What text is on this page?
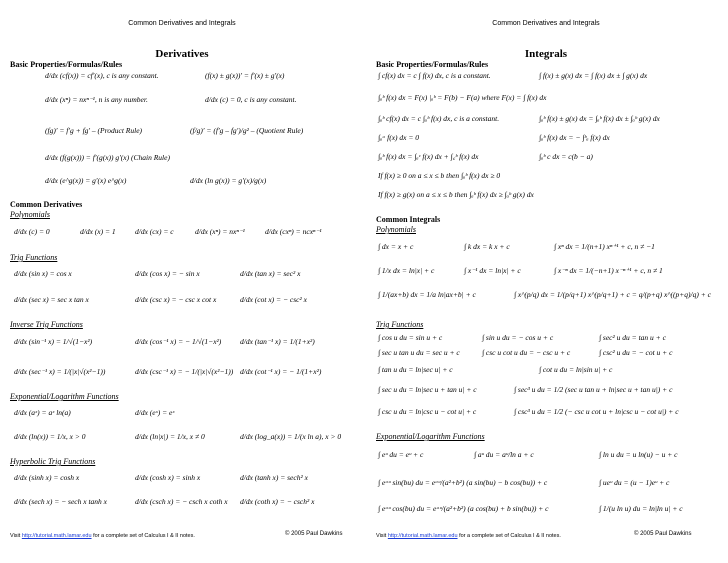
Common Derivatives and Integrals
Derivatives
Basic Properties/Formulas/Rules
d/dx (cf(x)) = cf′(x), c is any constant.	(f(x) ± g(x))′ = f′(x) ± g′(x)
d/dx (xⁿ) = nxⁿ⁻¹, n is any number.	d/dx (c) = 0, c is any constant.
(fg)′ = f′g + fg′ – (Product Rule)	(f/g)′ = (f′g – fg′)/g² – (Quotient Rule)
d/dx (f(g(x))) = f′(g(x)) g′(x) (Chain Rule)
d/dx (e^g(x)) = g′(x) e^g(x)	d/dx (ln g(x)) = g′(x)/g(x)
Common Derivatives
Polynomials
d/dx (c) = 0	d/dx (x) = 1	d/dx (cx) = c	d/dx (xⁿ) = nxⁿ⁻¹	d/dx (cxⁿ) = ncxⁿ⁻¹
Trig Functions
d/dx (sin x) = cos x	d/dx (cos x) = − sin x	d/dx (tan x) = sec² x
d/dx (sec x) = sec x tan x	d/dx (csc x) = − csc x cot x	d/dx (cot x) = − csc² x
Inverse Trig Functions
d/dx (sin⁻¹ x) = 1/√(1−x²)	d/dx (cos⁻¹ x) = − 1/√(1−x²) d/dx (tan⁻¹ x) = 1/(1+x²)
d/dx (sec⁻¹ x) = 1/(|x|√(x²−1))	d/dx (csc⁻¹ x) = − 1/(|x|√(x²−1)) d/dx (cot⁻¹ x) = − 1/(1+x²)
Exponential/Logarithm Functions
d/dx (aˣ) = aˣ ln(a)	d/dx (eˣ) = eˣ
d/dx (ln(x)) = 1/x, x > 0	d/dx (ln|x|) = 1/x, x ≠ 0	d/dx (log_a(x)) = 1/(x ln a), x > 0
Hyperbolic Trig Functions
d/dx (sinh x) = cosh x	d/dx (cosh x) = sinh x	d/dx (tanh x) = sech² x
d/dx (sech x) = − sech x tanh x	d/dx (csch x) = − csch x coth x d/dx (coth x) = − csch² x
Visit http://tutorial.math.lamar.edu for a complete set of Calculus I & II notes.	© 2005 Paul Dawkins
Common Derivatives and Integrals
Integrals
Basic Properties/Formulas/Rules
∫ cf(x) dx = c ∫ f(x) dx, c is a constant.	∫ f(x) ± g(x) dx = ∫ f(x) dx ± ∫ g(x) dx
∫ₐᵇ f(x) dx = F(x) |ₐᵇ = F(b) − F(a) where F(x) = ∫ f(x) dx
∫ₐᵇ cf(x) dx = c ∫ₐᵇ f(x) dx, c is a constant.	∫ₐᵇ f(x) ± g(x) dx = ∫ₐᵇ f(x) dx ± ∫ₐᵇ g(x) dx
∫ₐᵃ f(x) dx = 0	∫ₐᵇ f(x) dx = − ∫ᵇₐ f(x) dx
∫ₐᵇ f(x) dx = ∫ₐᶜ f(x) dx + ∫꜀ᵇ f(x) dx	∫ₐᵇ c dx = c(b − a)
If f(x) ≥ 0 on a ≤ x ≤ b then ∫ₐᵇ f(x) dx ≥ 0
If f(x) ≥ g(x) on a ≤ x ≤ b then ∫ₐᵇ f(x) dx ≥ ∫ₐᵇ g(x) dx
Common Integrals
Polynomials
∫ dx = x + c	∫ k dx = k x + c	∫ xⁿ dx = 1/(n+1) xⁿ⁺¹ + c, n ≠ −1
∫ 1/x dx = ln|x| + c	∫ x⁻¹ dx = ln|x| + c	∫ x⁻ⁿ dx = 1/(−n+1) x⁻ⁿ⁺¹ + c, n ≠ 1
∫ 1/(ax+b) dx = 1/a ln|ax+b| + c	∫ x^(p/q) dx = 1/(p/q+1) x^(p/q+1) + c = q/(p+q) x^((p+q)/q) + c
Trig Functions
∫ cos u du = sin u + c	∫ sin u du = − cos u + c	∫ sec² u du = tan u + c
∫ sec u tan u du = sec u + c	∫ csc u cot u du = − csc u + c	∫ csc² u du = − cot u + c
∫ tan u du = ln|sec u| + c	∫ cot u du = ln|sin u| + c
∫ sec u du = ln|sec u + tan u| + c	∫ sec³ u du = 1/2 (sec u tan u + ln|sec u + tan u|) + c
∫ csc u du = ln|csc u − cot u| + c	∫ csc³ u du = 1/2 (− csc u cot u + ln|csc u − cot u|) + c
Exponential/Logarithm Functions
∫ eᵘ du = eᵘ + c	∫ aᵘ du = aᵘ/ln a + c	∫ ln u du = u ln(u) − u + c
∫ eᵃᵘ sin(bu) du = eᵃᵘ/(a²+b²) (a sin(bu) − b cos(bu)) + c	∫ ueᵘ du = (u − 1)eᵘ + c
∫ eᵃᵘ cos(bu) du = eᵃᵘ/(a²+b²) (a cos(bu) + b sin(bu)) + c	∫ 1/(u ln u) du = ln|ln u| + c
Visit http://tutorial.math.lamar.edu for a complete set of Calculus I & II notes.	© 2005 Paul Dawkins
